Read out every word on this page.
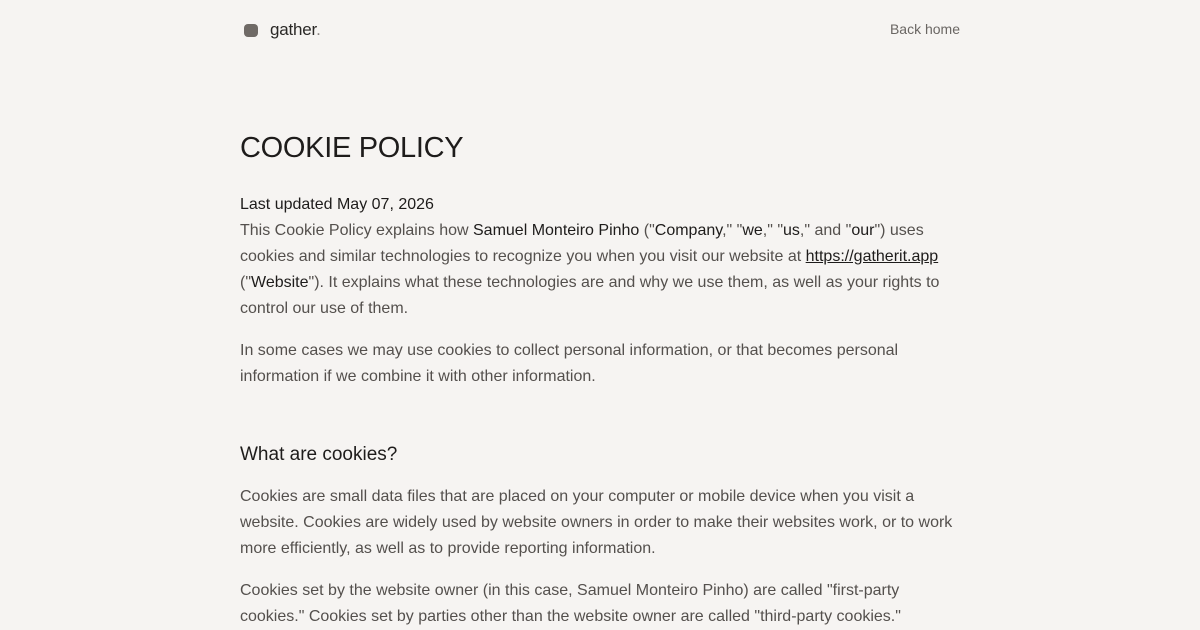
gather.	Back home
COOKIE POLICY
Last updated May 07, 2026

This Cookie Policy explains how Samuel Monteiro Pinho ("Company," "we," "us," and "our") uses cookies and similar technologies to recognize you when you visit our website at https://gatherit.app ("Website"). It explains what these technologies are and why we use them, as well as your rights to control our use of them.

In some cases we may use cookies to collect personal information, or that becomes personal information if we combine it with other information.

What are cookies?

Cookies are small data files that are placed on your computer or mobile device when you visit a website. Cookies are widely used by website owners in order to make their websites work, or to work more efficiently, as well as to provide reporting information.

Cookies set by the website owner (in this case, Samuel Monteiro Pinho) are called "first-party cookies." Cookies set by parties other than the website owner are called "third-party cookies."
